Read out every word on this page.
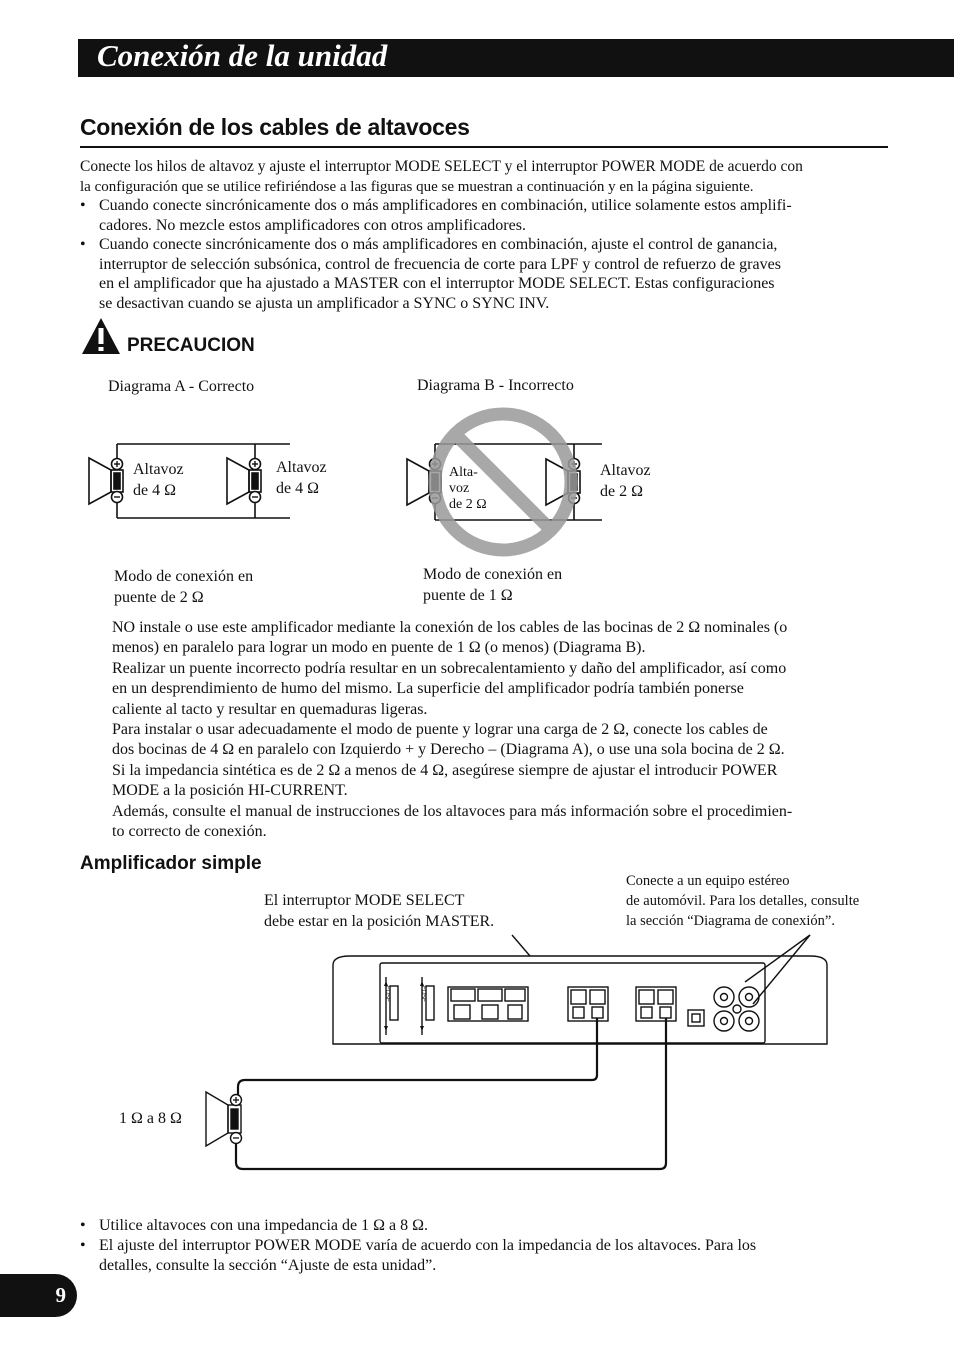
Conexión de la unidad
Conexión de los cables de altavoces
Conecte los hilos de altavoz y ajuste el interruptor MODE SELECT y el interruptor POWER MODE de acuerdo con
la configuración que se utilice refiriéndose a las figuras que se muestran a continuación y en la página siguiente.
• Cuando conecte sincrónicamente dos o más amplificadores en combinación, utilice solamente estos amplifi-
cadores. No mezcle estos amplificadores con otros amplificadores.
• Cuando conecte sincrónicamente dos o más amplificadores en combinación, ajuste el control de ganancia,
interruptor de selección subsónica, control de frecuencia de corte para LPF y control de refuerzo de graves
en el amplificador que ha ajustado a MASTER con el interruptor MODE SELECT. Estas configuraciones
se desactivan cuando se ajusta un amplificador a SYNC o SYNC INV.
PRECAUCION
Diagrama A - Correcto	Diagrama B - Incorrecto
Altavoz
de 4 Ω
Altavoz
de 4 Ω
Modo de conexión en
puente de 2 Ω
Alta-
voz
de 2 Ω
Altavoz
de 2 Ω
Modo de conexión en
puente de 1 Ω
NO instale o use este amplificador mediante la conexión de los cables de las bocinas de 2 Ω nominales (o
menos) en paralelo para lograr un modo en puente de 1 Ω (o menos) (Diagrama B).
Realizar un puente incorrecto podría resultar en un sobrecalentamiento y daño del amplificador, así como
en un desprendimiento de humo del mismo. La superficie del amplificador podría también ponerse
caliente al tacto y resultar en quemaduras ligeras.
Para instalar o usar adecuadamente el modo de puente y lograr una carga de 2 Ω, conecte los cables de
dos bocinas de 4 Ω en paralelo con Izquierdo + y Derecho – (Diagrama A), o use una sola bocina de 2 Ω.
Si la impedancia sintética es de 2 Ω a menos de 4 Ω, asegúrese siempre de ajustar el introducir POWER
MODE a la posición HI-CURRENT.
Además, consulte el manual de instrucciones de los altavoces para más información sobre el procedimien-
to correcto de conexión.
Amplificador simple
El interruptor MODE SELECT
debe estar en la posición MASTER.
Conecte a un equipo estéreo
de automóvil. Para los detalles, consulte
la sección “Diagrama de conexión”.
FUSE	FUSE
1 Ω a 8 Ω
• Utilice altavoces con una impedancia de 1 Ω a 8 Ω.
• El ajuste del interruptor POWER MODE varía de acuerdo con la impedancia de los altavoces. Para los
detalles, consulte la sección “Ajuste de esta unidad”.
9
